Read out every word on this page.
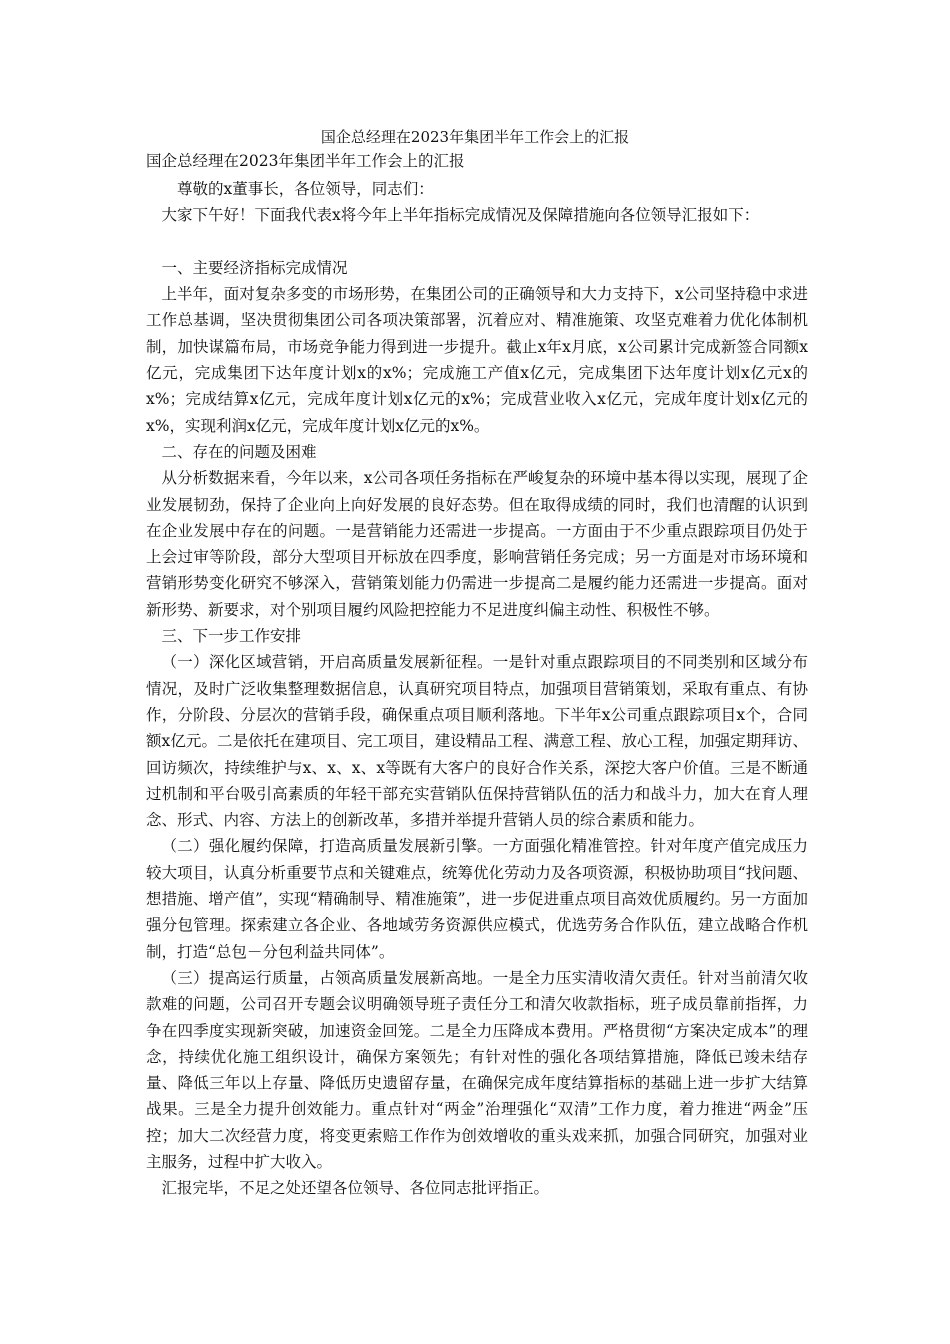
国企总经理在2023年集团半年工作会上的汇报
国企总经理在2023年集团半年工作会上的汇报

尊敬的x董事长，各位领导，同志们：

大家下午好！下面我代表x将今年上半年指标完成情况及保障措施向各位领导汇报如下：

一、主要经济指标完成情况

上半年，面对复杂多变的市场形势，在集团公司的正确领导和大力支持下，x公司坚持稳中求进工作总基调，坚决贯彻集团公司各项决策部署，沉着应对、精准施策、攻坚克难着力优化体制机制，加快谋篇布局，市场竞争能力得到进一步提升。截止x年x月底，x公司累计完成新签合同额x亿元，完成集团下达年度计划x的x%；完成施工产值x亿元，完成集团下达年度计划x亿元x的x%；完成结算x亿元，完成年度计划x亿元的x%；完成营业收入x亿元，完成年度计划x亿元的x%，实现利润x亿元，完成年度计划x亿元的x%。

二、存在的问题及困难

从分析数据来看，今年以来，x公司各项任务指标在严峻复杂的环境中基本得以实现，展现了企业发展韧劲，保持了企业向上向好发展的良好态势。但在取得成绩的同时，我们也清醒的认识到在企业发展中存在的问题。一是营销能力还需进一步提高。一方面由于不少重点跟踪项目仍处于上会过审等阶段，部分大型项目开标放在四季度，影响营销任务完成；另一方面是对市场环境和营销形势变化研究不够深入，营销策划能力仍需进一步提高二是履约能力还需进一步提高。面对新形势、新要求，对个别项目履约风险把控能力不足进度纠偏主动性、积极性不够。

三、下一步工作安排

（一）深化区域营销，开启高质量发展新征程。一是针对重点跟踪项目的不同类别和区域分布情况，及时广泛收集整理数据信息，认真研究项目特点，加强项目营销策划，采取有重点、有协作，分阶段、分层次的营销手段，确保重点项目顺利落地。下半年x公司重点跟踪项目x个，合同额x亿元。二是依托在建项目、完工项目，建设精品工程、满意工程、放心工程，加强定期拜访、回访频次，持续维护与x、x、x、x等既有大客户的良好合作关系，深挖大客户价值。三是不断通过机制和平台吸引高素质的年轻干部充实营销队伍保持营销队伍的活力和战斗力，加大在育人理念、形式、内容、方法上的创新改革，多措并举提升营销人员的综合素质和能力。

（二）强化履约保障，打造高质量发展新引擎。一方面强化精准管控。针对年度产值完成压力较大项目，认真分析重要节点和关键难点，统筹优化劳动力及各项资源，积极协助项目“找问题、想措施、增产值”，实现“精确制导、精准施策”，进一步促进重点项目高效优质履约。另一方面加强分包管理。探索建立各企业、各地域劳务资源供应模式，优选劳务合作队伍，建立战略合作机制，打造“总包－分包利益共同体”。

（三）提高运行质量，占领高质量发展新高地。一是全力压实清收清欠责任。针对当前清欠收款难的问题，公司召开专题会议明确领导班子责任分工和清欠收款指标，班子成员靠前指挥，力争在四季度实现新突破，加速资金回笼。二是全力压降成本费用。严格贯彻“方案决定成本”的理念，持续优化施工组织设计，确保方案领先；有针对性的强化各项结算措施，降低已竣未结存量、降低三年以上存量、降低历史遗留存量，在确保完成年度结算指标的基础上进一步扩大结算战果。三是全力提升创效能力。重点针对“两金”治理强化“双清”工作力度，着力推进“两金”压控；加大二次经营力度，将变更索赔工作作为创效增收的重头戏来抓，加强合同研究，加强对业主服务，过程中扩大收入。

汇报完毕，不足之处还望各位领导、各位同志批评指正。
